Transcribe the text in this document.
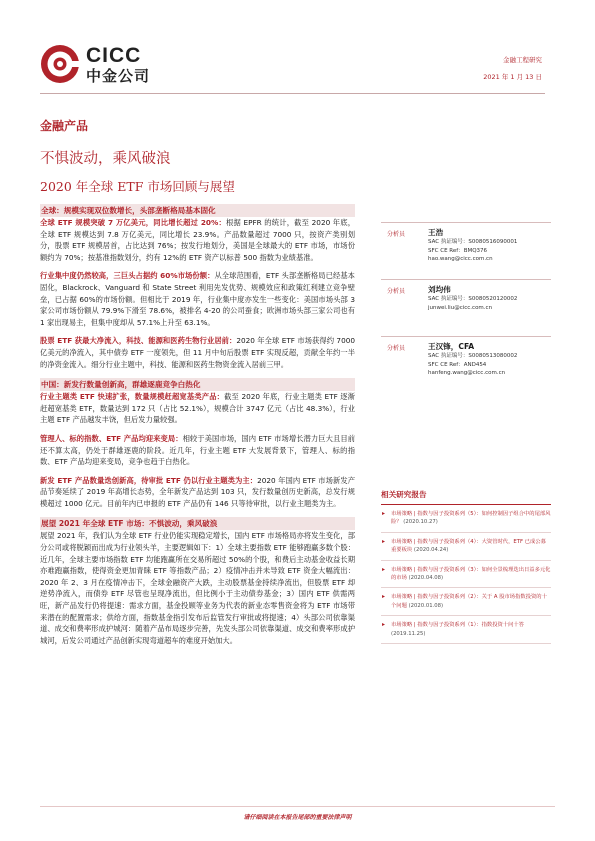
CICC
中金公司
金融工程研究
2021 年 1 月 13 日
金融产品
不惧波动，乘风破浪
2020 年全球 ETF 市场回顾与展望
全球：规模实现双位数增长，头部垄断格局基本固化

全球 ETF 规模突破 7 万亿美元，同比增长超过 20%：根据 EPFR 的统计，截至 2020 年底，全球 ETF 规模达到 7.8 万亿美元，同比增长 23.9%。产品数量超过 7000 只，按资产类别划分，股票 ETF 规模居首，占比达到 76%；按发行地划分，美国是全球最大的 ETF 市场，市场份额约为 70%；按基准指数划分，约有 12%的 ETF 资产以标普 500 指数为业绩基准。

行业集中度仍然较高，三巨头占据约 60%市场份额：从全球范围看，ETF 头部垄断格局已经基本固化，Blackrock、Vanguard 和 State Street 利用先发优势、规模效应和政策红利建立竞争壁垒，已占据 60%的市场份额。但相比于 2019 年，行业集中度亦发生一些变化：美国市场头部 3 家公司市场份额从 79.9%下滑至 78.6%，被排名 4-20 的公司蚕食；欧洲市场头部三家公司也有 1 家出现易主，但集中度却从 57.1%上升至 63.1%。

股票 ETF 获最大净流入，科技、能源和医药生物行业居前：2020 年全球 ETF 市场获得约 7000 亿美元的净流入，其中债券 ETF 一度领先，但 11 月中旬后股票 ETF 实现反超，贡献全年约一半的净资金流入。细分行业主题中，科技、能源和医药生物资金流入居前三甲。

中国：新发行数量创新高，群雄逐鹿竞争白热化

行业主题类 ETF 快速扩张，数量规模赶超宽基类产品：截至 2020 年底，行业主题类 ETF 逐渐赶超宽基类 ETF，数量达到 172 只（占比 52.1%），规模合计 3747 亿元（占比 48.3%），行业主题 ETF 产品越发丰饶，但后发力量较强。

管理人、标的指数、ETF 产品均迎来变局：相较于美国市场，国内 ETF 市场增长潜力巨大且目前还不算太高，仍处于群雄逐鹿的阶段。近几年，行业主题 ETF 大发展背景下，管理人、标的指数、ETF 产品均迎来变局，竞争也趋于白热化。

新发 ETF 产品数量迭创新高，待审批 ETF 仍以行业主题类为主：2020 年国内 ETF 市场新发产品节奏延续了 2019 年高增长态势，全年新发产品达到 103 只，发行数量创历史新高，总发行规模超过 1000 亿元。目前年内已申报的 ETF 产品仍有 146 只等待审批，以行业主题类为主。

展望 2021 年全球 ETF 市场：不惧波动，乘风破浪

展望 2021 年，我们认为全球 ETF 行业仍能实现稳定增长，国内 ETF 市场格局亦将发生变化，部分公司或将脱颖而出成为行业领头羊，主要逻辑如下：1）全球主要指数 ETF 能够跑赢多数个股：近几年，全球主要市场指数 ETF 均能跑赢所在交易所超过 50%的个股，和费后主动基金收益长期亦难跑赢指数，使得资金更加青睐 ETF 等指数产品；2）疫情冲击并未导致 ETF 资金大幅流出：2020 年 2、3 月在疫情冲击下，全球金融资产大跌，主动股票基金持续净流出，但股票 ETF 却逆势净流入，而债券 ETF 尽管也呈现净流出，但比例小于主动债券基金；3）国内 ETF 供需两旺，新产品发行仍将提速：需求方面，基金投顾等业务为代表的新业态零售资金将为 ETF 市场带来潜在的配置需求；供给方面，指数基金指引发布后监管发行审批或将提速；4）头部公司依靠渠道、成交和费率形成护城河：随着产品布局逐步完善，先发头部公司依靠渠道、成交和费率形成护城河，后发公司通过产品创新实现弯道超车的难度开始加大。

分析员	王浩
SAC 执证编号：S0080516090001
SFC CE Ref：BMQ376
hao.wang@cicc.com.cn
分析员	刘均伟
SAC 执证编号：S0080520120002
junwei.liu@cicc.com.cn
分析员	王汉锋，CFA
SAC 执证编号：S0080513080002
SFC CE Ref：AND454
hanfeng.wang@cicc.com.cn
相关研究报告
▸ 市场策略 | 指数与因子投资系列（5）：如何控制因子组合中的尾部风险？ (2020.10.27)
▸ 市场策略 | 指数与因子投资系列（4）：大资管时代，ETF 已成公募重要板块 (2020.04.24)
▸ 市场策略 | 指数与因子投资系列（3）：如何全景梳理迭出日益多元化的市场 (2020.04.08)
▸ 市场策略 | 指数与因子投资系列（2）：关于 A 股市场指数投资的十个问题 (2020.01.08)
▸ 市场策略 | 指数与因子投资系列（1）：指数投资十问十答 (2019.11.25)
请仔细阅读在本报告尾部的重要法律声明
